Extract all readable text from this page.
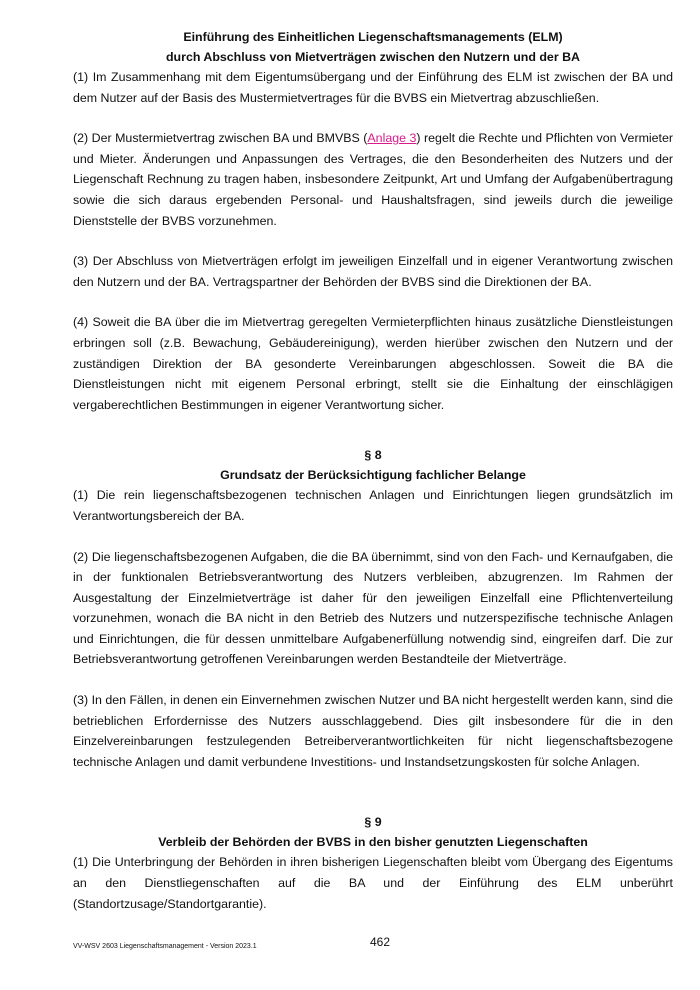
Einführung des Einheitlichen Liegenschaftsmanagements (ELM)

durch Abschluss von Mietverträgen zwischen den Nutzern und der BA

(1) Im Zusammenhang mit dem Eigentumsübergang und der Einführung des ELM ist zwischen der BA und dem Nutzer auf der Basis des Mustermietvertrages für die BVBS ein Mietvertrag abzuschließen.

(2) Der Mustermietvertrag zwischen BA und BMVBS (Anlage 3) regelt die Rechte und Pflichten von Vermieter und Mieter. Änderungen und Anpassungen des Vertrages, die den Besonderheiten des Nutzers und der Liegenschaft Rechnung zu tragen haben, insbesondere Zeitpunkt, Art und Umfang der Aufgabenübertragung sowie die sich daraus ergebenden Personal- und Haushaltsfragen, sind jeweils durch die jeweilige Dienststelle der BVBS vorzunehmen.

(3) Der Abschluss von Mietverträgen erfolgt im jeweiligen Einzelfall und in eigener Verantwortung zwischen den Nutzern und der BA. Vertragspartner der Behörden der BVBS sind die Direktionen der BA.

(4) Soweit die BA über die im Mietvertrag geregelten Vermieterpflichten hinaus zusätzliche Dienstleistungen erbringen soll (z.B. Bewachung, Gebäudereinigung), werden hierüber zwischen den Nutzern und der zuständigen Direktion der BA gesonderte Vereinbarungen abgeschlossen. Soweit die BA die Dienstleistungen nicht mit eigenem Personal erbringt, stellt sie die Einhaltung der einschlägigen vergaberechtlichen Bestimmungen in eigener Verantwortung sicher.

§ 8

Grundsatz der Berücksichtigung fachlicher Belange

(1) Die rein liegenschaftsbezogenen technischen Anlagen und Einrichtungen liegen grundsätzlich im Verantwortungsbereich der BA.

(2) Die liegenschaftsbezogenen Aufgaben, die die BA übernimmt, sind von den Fach- und Kernaufgaben, die in der funktionalen Betriebsverantwortung des Nutzers verbleiben, abzugrenzen. Im Rahmen der Ausgestaltung der Einzelmietverträge ist daher für den jeweiligen Einzelfall eine Pflichtenverteilung vorzunehmen, wonach die BA nicht in den Betrieb des Nutzers und nutzerspezifische technische Anlagen und Einrichtungen, die für dessen unmittelbare Aufgabenerfüllung notwendig sind, eingreifen darf. Die zur Betriebsverantwortung getroffenen Vereinbarungen werden Bestandteile der Mietverträge.

(3) In den Fällen, in denen ein Einvernehmen zwischen Nutzer und BA nicht hergestellt werden kann, sind die betrieblichen Erfordernisse des Nutzers ausschlaggebend. Dies gilt insbesondere für die in den Einzelvereinbarungen festzulegenden Betreiberverantwortlichkeiten für nicht liegenschaftsbezogene technische Anlagen und damit verbundene Investitions- und Instandsetzungskosten für solche Anlagen.

§ 9

Verbleib der Behörden der BVBS in den bisher genutzten Liegenschaften

(1) Die Unterbringung der Behörden in ihren bisherigen Liegenschaften bleibt vom Übergang des Eigentums an den Dienstliegenschaften auf die BA und der Einführung des ELM unberührt (Standortzusage/Standortgarantie).

VV-WSV 2603 Liegenschaftsmanagement - Version 2023.1	462
